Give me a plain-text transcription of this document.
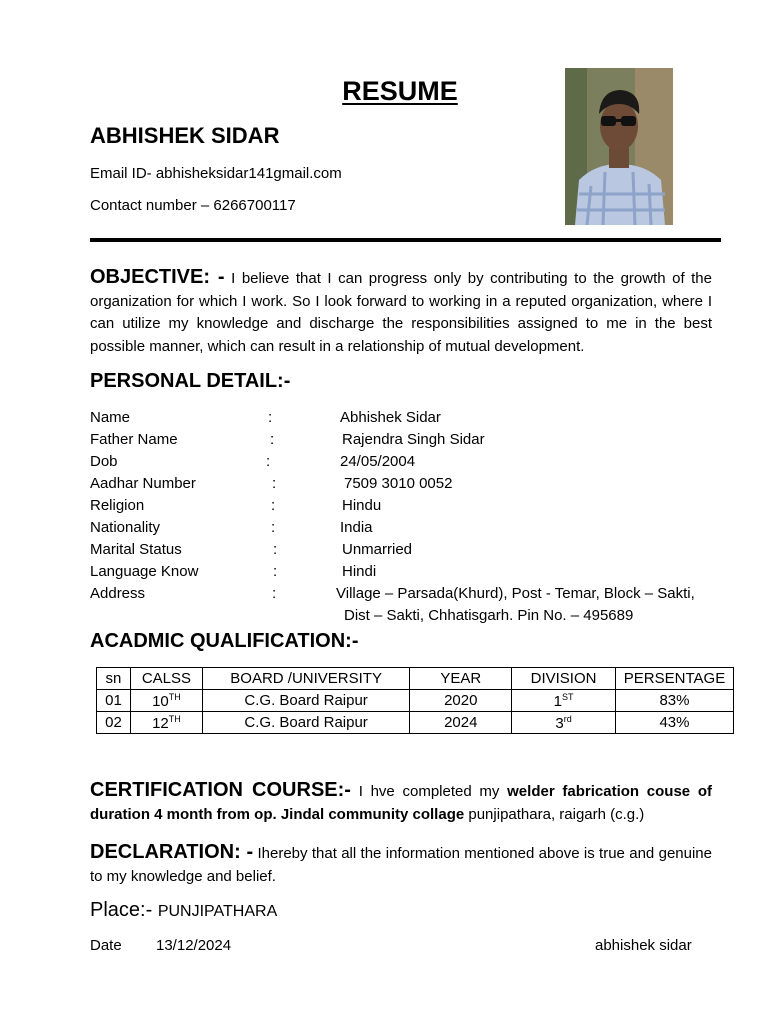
RESUME
ABHISHEK SIDAR
Email ID- abhisheksidar141gmail.com
Contact number – 6266700117
OBJECTIVE: - I believe that I can progress only by contributing to the growth of the organization for which I work. So I look forward to working in a reputed organization, where I can utilize my knowledge and discharge the responsibilities assigned to me in the best possible manner, which can result in a relationship of mutual development.
PERSONAL DETAIL:-
Name	:	Abhishek Sidar
Father Name	:	Rajendra Singh Sidar
Dob	:	24/05/2004
Aadhar Number	:	7509 3010 0052
Religion	:	Hindu
Nationality	:	India
Marital Status	:	Unmarried
Language Know	:	Hindi
Address	:	Village – Parsada(Khurd), Post - Temar, Block – Sakti,
Dist – Sakti, Chhatisgarh. Pin No. – 495689
ACADMIC QUALIFICATION:-
sn	CALSS	BOARD /UNIVERSITY	YEAR	DIVISION	PERSENTAGE
01	10TH	C.G. Board Raipur	2020	1ST	83%
02	12TH	C.G. Board Raipur	2024	3rd	43%
CERTIFICATION COURSE:- I hve completed my welder fabrication couse of duration 4 month from op. Jindal community collage punjipathara, raigarh (c.g.)
DECLARATION: - Ihereby that all the information mentioned above is true and genuine to my knowledge and belief.
Place:- PUNJIPATHARA
Date 13/12/2024	abhishek sidar
